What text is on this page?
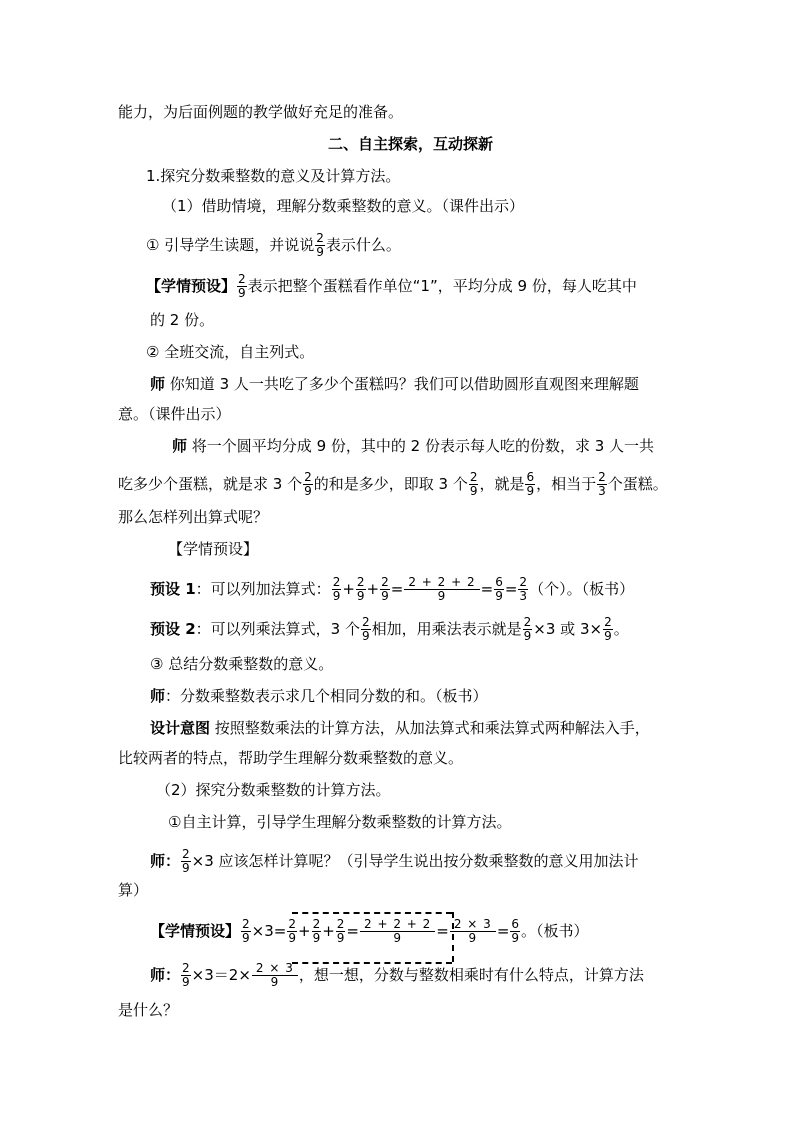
能力，为后面例题的教学做好充足的准备。
二、自主探索，互动探新
1.探究分数乘整数的意义及计算方法。
（1）借助情境，理解分数乘整数的意义。（课件出示）
① 引导学生读题，并说说 $\frac{2}{9}$ 表示什么。
【学情预设】 $\frac{2}{9}$ 表示把整个蛋糕看作单位“1”，平均分成 9 份，每人吃其中
的 2 份。
② 全班交流，自主列式。
师 你知道 3 人一共吃了多少个蛋糕吗？我们可以借助圆形直观图来理解题
意。（课件出示）
师 将一个圆平均分成 9 份，其中的 2 份表示每人吃的份数，求 3 人一共
吃多少个蛋糕，就是求 3 个 $\frac{2}{9}$ 的和是多少，即取 3 个 $\frac{2}{9}$ ，就是 $\frac{6}{9}$ ，相当于 $\frac{2}{3}$ 个蛋糕。
那么怎样列出算式呢？
【学情预设】
预设 1：可以列加法算式： $\frac{2}{9} + \frac{2}{9} + \frac{2}{9} = \frac{2 + 2 + 2}{9} = \frac{6}{9} = \frac{2}{3}$ （个）。（板书）
预设 2：可以列乘法算式，3 个 $\frac{2}{9}$ 相加，用乘法表示就是 $\frac{2}{9} \times 3$ 或 $3\times \frac{2}{9}$ 。
③ 总结分数乘整数的意义。
师：分数乘整数表示求几个相同分数的和。（板书）
设计意图 按照整数乘法的计算方法，从加法算式和乘法算式两种解法入手，
比较两者的特点，帮助学生理解分数乘整数的意义。
（2）探究分数乘整数的计算方法。
①自主计算，引导学生理解分数乘整数的计算方法。
师： $\frac{2}{9} \times 3$ 应该怎样计算呢？（引导学生说出按分数乘整数的意义用加法计
算）
【学情预设】 $\frac{2}{9} \times 3= \frac{2}{9} + \frac{2}{9} + \frac{2}{9} = \frac{2 + 2 + 2}{9} = \frac{2 \times 3}{9} = \frac{6}{9}$ 。（板书）
师： $\frac{2}{9} \times 3=2\times \frac{2 \times 3}{9}$ ，想一想，分数与整数相乘时有什么特点，计算方法
是什么？
